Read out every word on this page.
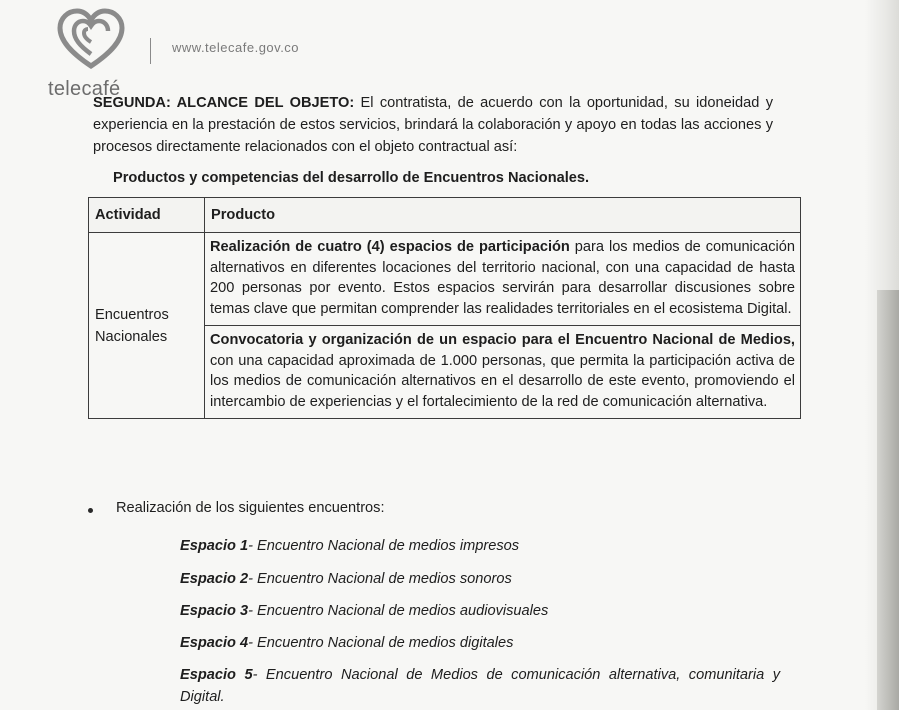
telecafé
www.telecafe.gov.co
SEGUNDA: ALCANCE DEL OBJETO: El contratista, de acuerdo con la oportunidad, su idoneidad y experiencia en la prestación de estos servicios, brindará la colaboración y apoyo en todas las acciones y procesos directamente relacionados con el objeto contractual así:
Productos y competencias del desarrollo de Encuentros Nacionales.
Actividad	Producto
Encuentros Nacionales	Realización de cuatro (4) espacios de participación para los medios de comunicación alternativos en diferentes locaciones del territorio nacional, con una capacidad de hasta 200 personas por evento. Estos espacios servirán para desarrollar discusiones sobre temas clave que permitan comprender las realidades territoriales en el ecosistema Digital.
	Convocatoria y organización de un espacio para el Encuentro Nacional de Medios, con una capacidad aproximada de 1.000 personas, que permita la participación activa de los medios de comunicación alternativos en el desarrollo de este evento, promoviendo el intercambio de experiencias y el fortalecimiento de la red de comunicación alternativa.
Realización de los siguientes encuentros:
Espacio 1- Encuentro Nacional de medios impresos
Espacio 2- Encuentro Nacional de medios sonoros
Espacio 3- Encuentro Nacional de medios audiovisuales
Espacio 4- Encuentro Nacional de medios digitales
Espacio 5- Encuentro Nacional de Medios de comunicación alternativa, comunitaria y Digital.
